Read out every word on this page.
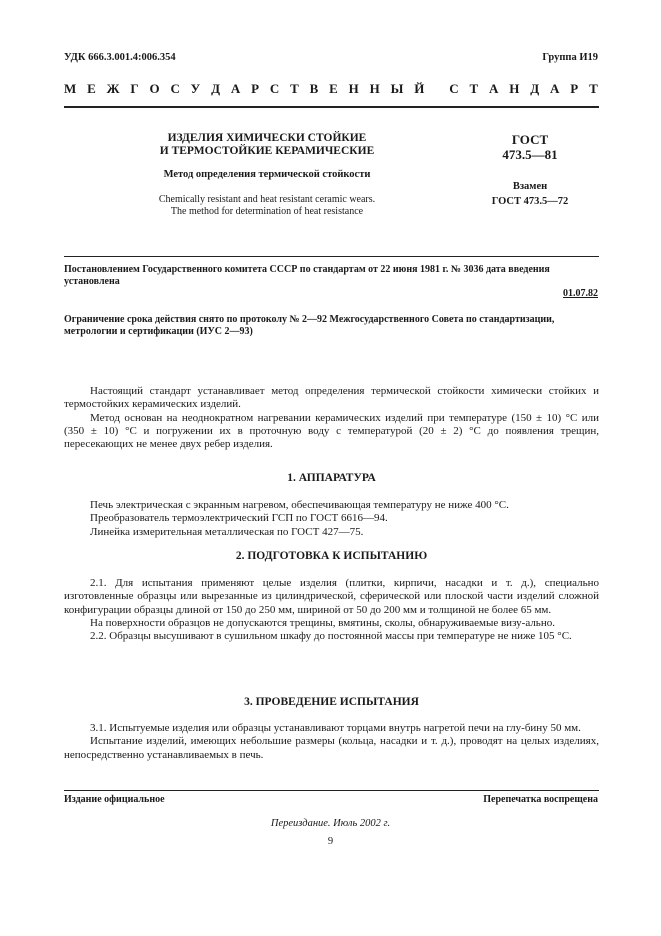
УДК 666.3.001.4:006.354	Группа И19
М Е Ж Г О С У Д А Р С Т В Е Н Н Ы Й
С Т А Н Д А Р Т
ИЗДЕЛИЯ ХИМИЧЕСКИ СТОЙКИЕ
И ТЕРМОСТОЙКИЕ КЕРАМИЧЕСКИЕ
Метод определения термической стойкости
Chemically resistant and heat resistant ceramic wears.
The method for determination of heat resistance
ГОСТ
473.5—81
Взамен
ГОСТ 473.5—72
Постановлением Государственного комитета СССР по стандартам от 22 июня 1981 г. № 3036 дата введения установлена
01.07.82
Ограничение срока действия снято по протоколу № 2—92 Межгосударственного Совета по стандартизации, метрологии и сертификации (ИУС 2—93)

Настоящий стандарт устанавливает метод определения термической стойкости химически стойких и термостойких керамических изделий.

Метод основан на неоднократном нагревании керамических изделий при температуре (150 ± 10) °С или (350 ± 10) °С и погружении их в проточную воду с температурой (20 ± 2) °С до появления трещин, пересекающих не менее двух ребер изделия.

1. АППАРАТУРА

Печь электрическая с экранным нагревом, обеспечивающая температуру не ниже 400 °С.

Преобразователь термоэлектрический ГСП по ГОСТ 6616—94.

Линейка измерительная металлическая по ГОСТ 427—75.

2. ПОДГОТОВКА К ИСПЫТАНИЮ

2.1. Для испытания применяют целые изделия (плитки, кирпичи, насадки и т. д.), специально изготовленные образцы или вырезанные из цилиндрической, сферической или плоской части изделий сложной конфигурации образцы длиной от 150 до 250 мм, шириной от 50 до 200 мм и толщиной не более 65 мм.

На поверхности образцов не допускаются трещины, вмятины, сколы, обнаруживаемые визу-ально.

2.2. Образцы высушивают в сушильном шкафу до постоянной массы при температуре не ниже 105 °С.

3. ПРОВЕДЕНИЕ ИСПЫТАНИЯ

3.1. Испытуемые изделия или образцы устанавливают торцами внутрь нагретой печи на глу-бину 50 мм.

Испытание изделий, имеющих небольшие размеры (кольца, насадки и т. д.), проводят на целых изделиях, непосредственно устанавливаемых в печь.

Издание официальное	Перепечатка воспрещена
Переиздание. Июль 2002 г.
9
